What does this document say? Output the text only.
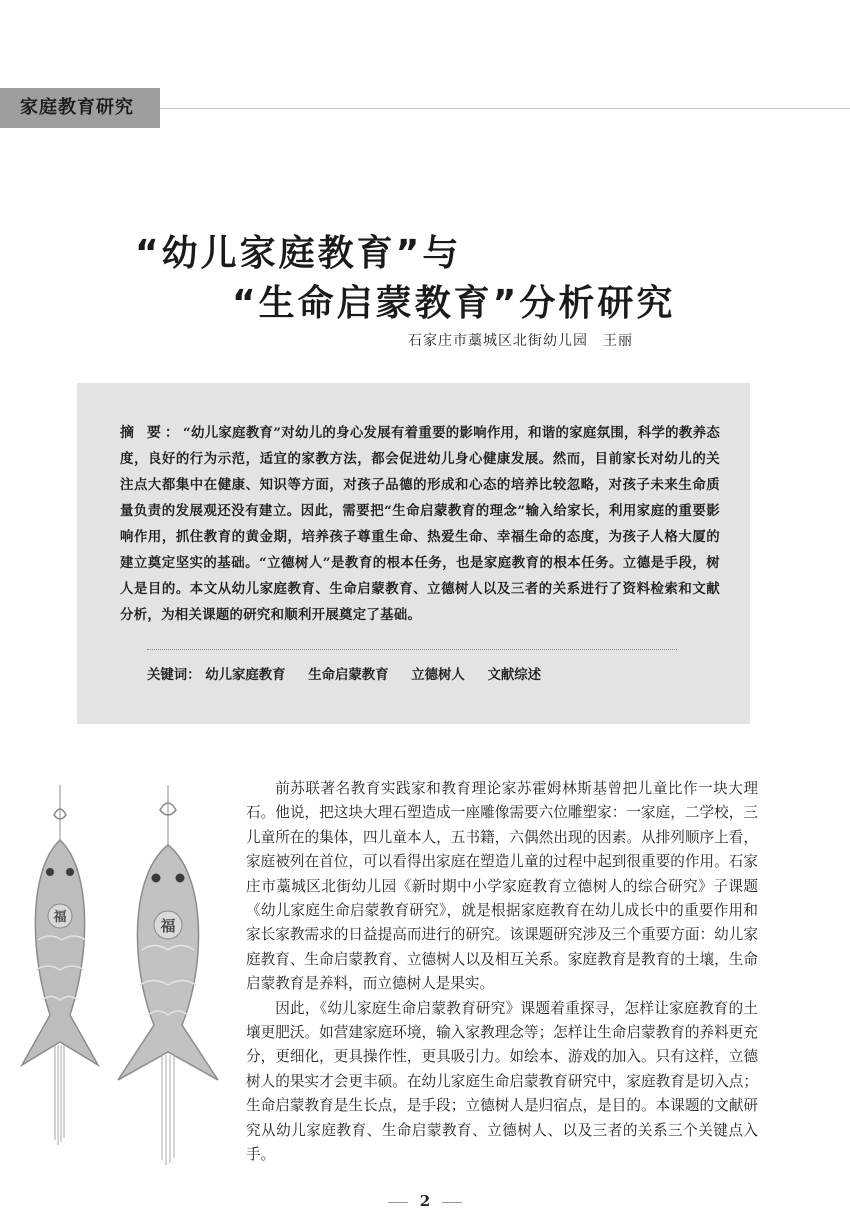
家庭教育研究
“幼儿家庭教育”与
“生命启蒙教育”分析研究
石家庄市藁城区北街幼儿园　王丽
摘 要：“幼儿家庭教育”对幼儿的身心发展有着重要的影响作用，和谐的家庭氛围，科学的教养态度，良好的行为示范，适宜的家教方法，都会促进幼儿身心健康发展。然而，目前家长对幼儿的关注点大都集中在健康、知识等方面，对孩子品德的形成和心态的培养比较忽略，对孩子未来生命质量负责的发展观还没有建立。因此，需要把“生命启蒙教育的理念”输入给家长，利用家庭的重要影响作用，抓住教育的黄金期，培养孩子尊重生命、热爱生命、幸福生命的态度，为孩子人格大厦的建立奠定坚实的基础。“立德树人”是教育的根本任务，也是家庭教育的根本任务。立德是手段，树人是目的。本文从幼儿家庭教育、生命启蒙教育、立德树人以及三者的关系进行了资料检索和文献分析，为相关课题的研究和顺利开展奠定了基础。
关键词： 幼儿家庭教育 生命启蒙教育 立德树人 文献综述
福	福

前苏联著名教育实践家和教育理论家苏霍姆林斯基曾把儿童比作一块大理石。他说，把这块大理石塑造成一座雕像需要六位雕塑家：一家庭，二学校，三儿童所在的集体，四儿童本人，五书籍，六偶然出现的因素。从排列顺序上看，家庭被列在首位，可以看得出家庭在塑造儿童的过程中起到很重要的作用。石家庄市藁城区北街幼儿园《新时期中小学家庭教育立德树人的综合研究》子课题《幼儿家庭生命启蒙教育研究》，就是根据家庭教育在幼儿成长中的重要作用和家长家教需求的日益提高而进行的研究。该课题研究涉及三个重要方面：幼儿家庭教育、生命启蒙教育、立德树人以及相互关系。家庭教育是教育的土壤，生命启蒙教育是养料，而立德树人是果实。

因此，《幼儿家庭生命启蒙教育研究》课题着重探寻，怎样让家庭教育的土壤更肥沃。如营建家庭环境，输入家教理念等；怎样让生命启蒙教育的养料更充分，更细化，更具操作性，更具吸引力。如绘本、游戏的加入。只有这样，立德树人的果实才会更丰硕。在幼儿家庭生命启蒙教育研究中，家庭教育是切入点；生命启蒙教育是生长点，是手段；立德树人是归宿点，是目的。本课题的文献研究从幼儿家庭教育、生命启蒙教育、立德树人、以及三者的关系三个关键点入手。

2
